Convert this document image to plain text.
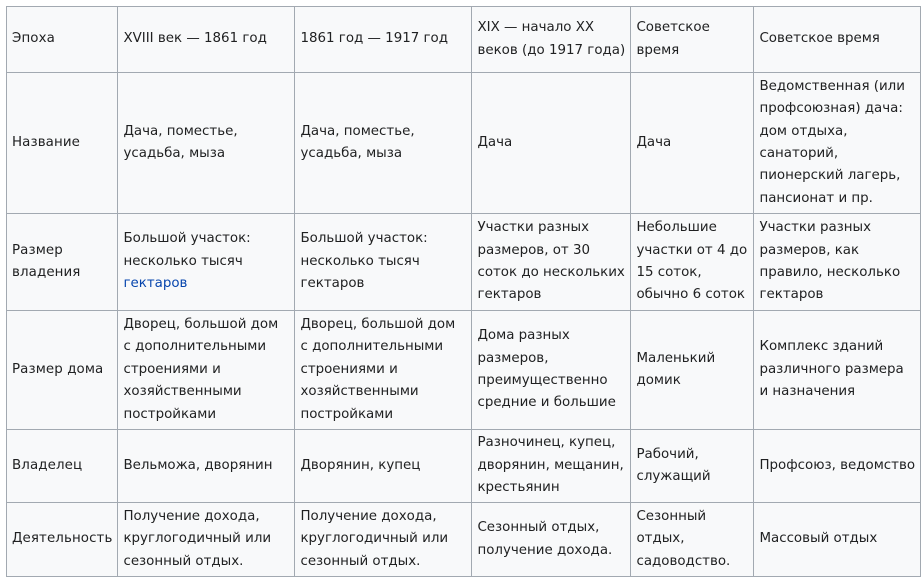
Эпоха	XVIII век — 1861 год	1861 год — 1917 год	XIX — начало XX веков (до 1917 года)	Советское время	Советское время
Название	Дача, поместье, усадьба, мыза	Дача, поместье, усадьба, мыза	Дача	Дача	Ведомственная (или профсоюзная) дача: дом отдыха, санаторий, пионерский лагерь, пансионат и пр.
Размер владения	Большой участок: несколько тысяч гектаров	Большой участок: несколько тысяч гектаров	Участки разных размеров, от 30 соток до нескольких гектаров	Небольшие участки от 4 до 15 соток, обычно 6 соток	Участки разных размеров, как правило, несколько гектаров
Размер дома	Дворец, большой дом с дополнительными строениями и хозяйственными постройками	Дворец, большой дом с дополнительными строениями и хозяйственными постройками	Дома разных размеров, преимущественно средние и большие	Маленький домик	Комплекс зданий различного размера и назначения
Владелец	Вельможа, дворянин	Дворянин, купец	Разночинец, купец, дворянин, мещанин, крестьянин	Рабочий, служащий	Профсоюз, ведомство
Деятельность	Получение дохода, круглогодичный или сезонный отдых.	Получение дохода, круглогодичный или сезонный отдых.	Сезонный отдых, получение дохода.	Сезонный отдых, садоводство.	Массовый отдых
